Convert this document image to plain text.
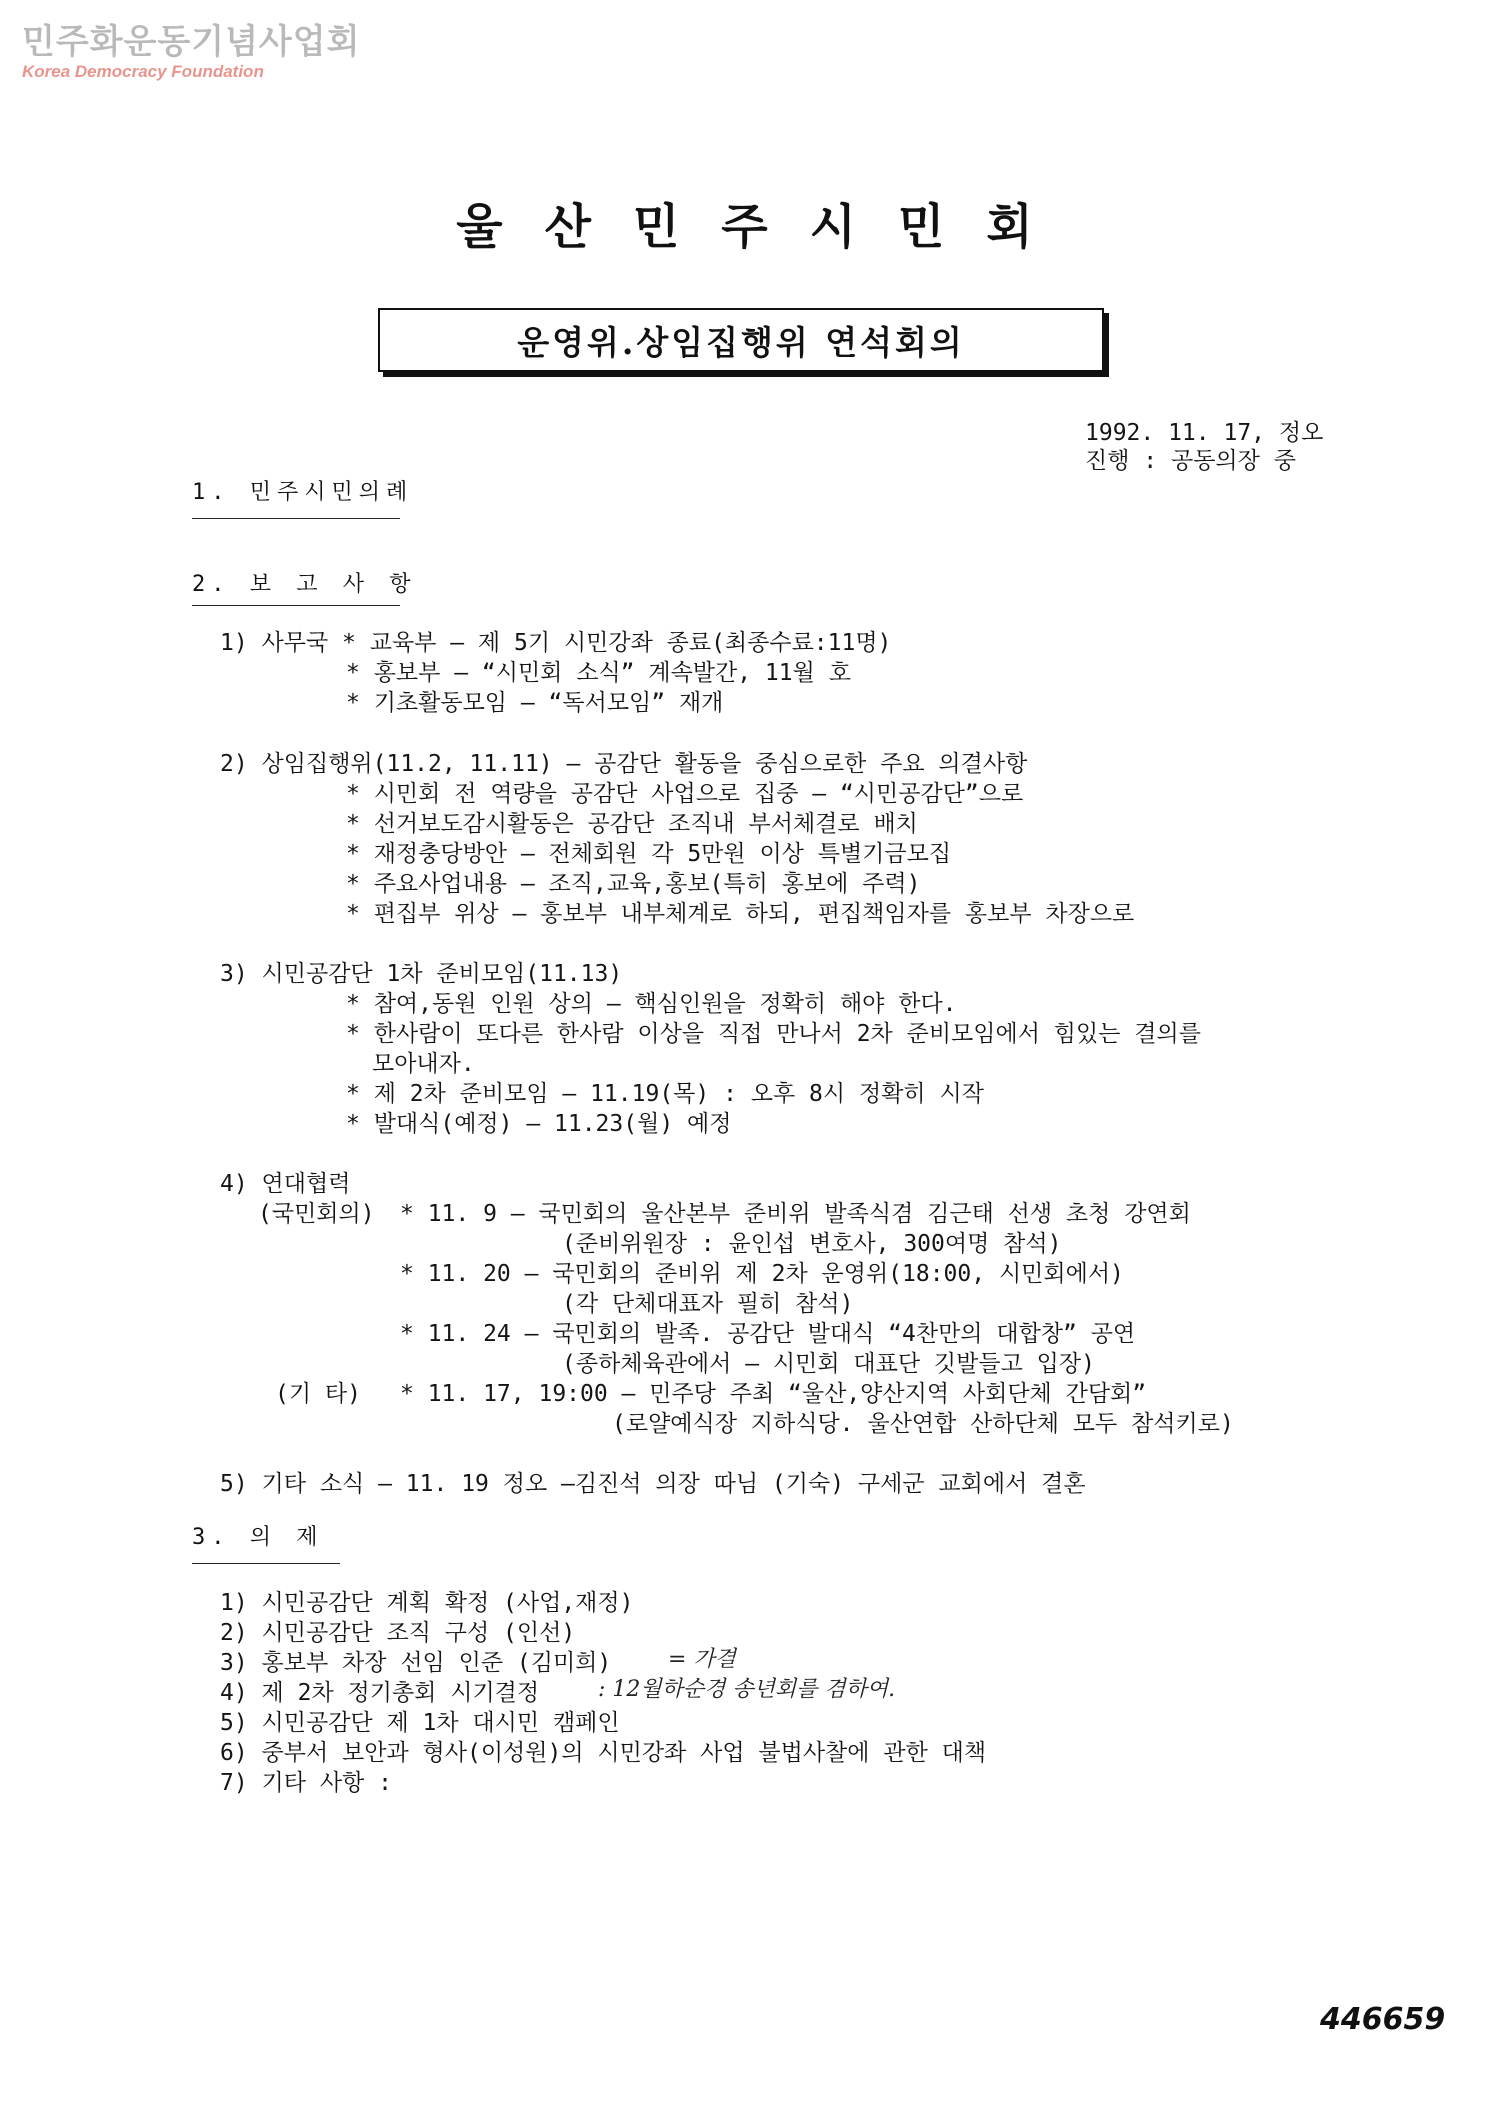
민주화운동기념사업회
Korea Democracy Foundation
울산민주시민회
운영위.상임집행위 연석회의
1992. 11. 17, 정오
진행 : 공동의장 중
1. 민주시민의례
2. 보 고 사 항
1) 사무국 * 교육부 — 제 5기 시민강좌 종료(최종수료:11명)
* 홍보부 — “시민회 소식” 계속발간, 11월 호
* 기초활동모임 — “독서모임” 재개
2) 상임집행위(11.2, 11.11) — 공감단 활동을 중심으로한 주요 의결사항
* 시민회 전 역량을 공감단 사업으로 집중 — “시민공감단”으로
* 선거보도감시활동은 공감단 조직내 부서체결로 배치
* 재정충당방안 — 전체회원 각 5만원 이상 특별기금모집
* 주요사업내용 — 조직,교육,홍보(특히 홍보에 주력)
* 편집부 위상 — 홍보부 내부체계로 하되, 편집책임자를 홍보부 차장으로
3) 시민공감단 1차 준비모임(11.13)
* 참여,동원 인원 상의 — 핵심인원을 정확히 해야 한다.
* 한사람이 또다른 한사람 이상을 직접 만나서 2차 준비모임에서 힘있는 결의를
모아내자.
* 제 2차 준비모임 — 11.19(목) : 오후 8시 정확히 시작
* 발대식(예정) — 11.23(월) 예정
4) 연대협력
(국민회의) * 11. 9 — 국민회의 울산본부 준비위 발족식겸 김근태 선생 초청 강연회
(준비위원장 : 윤인섭 변호사, 300여명 참석)
* 11. 20 — 국민회의 준비위 제 2차 운영위(18:00, 시민회에서)
(각 단체대표자 필히 참석)
* 11. 24 — 국민회의 발족. 공감단 발대식 “4찬만의 대합창” 공연
(종하체육관에서 — 시민회 대표단 깃발들고 입장)
(기 타) * 11. 17, 19:00 — 민주당 주최 “울산,양산지역 사회단체 간담회”
(로얄예식장 지하식당. 울산연합 산하단체 모두 참석키로)
5) 기타 소식 — 11. 19 정오 —김진석 의장 따님 (기숙) 구세군 교회에서 결혼
3. 의 제
1) 시민공감단 계획 확정 (사업,재정)
2) 시민공감단 조직 구성 (인선)
3) 홍보부 차장 선임 인준 (김미희)	= 가결
4) 제 2차 정기총회 시기결정	: 12월하순경 송년회를 겸하여.
5) 시민공감단 제 1차 대시민 캠페인
6) 중부서 보안과 형사(이성원)의 시민강좌 사업 불법사찰에 관한 대책
7) 기타 사항 :
446659
